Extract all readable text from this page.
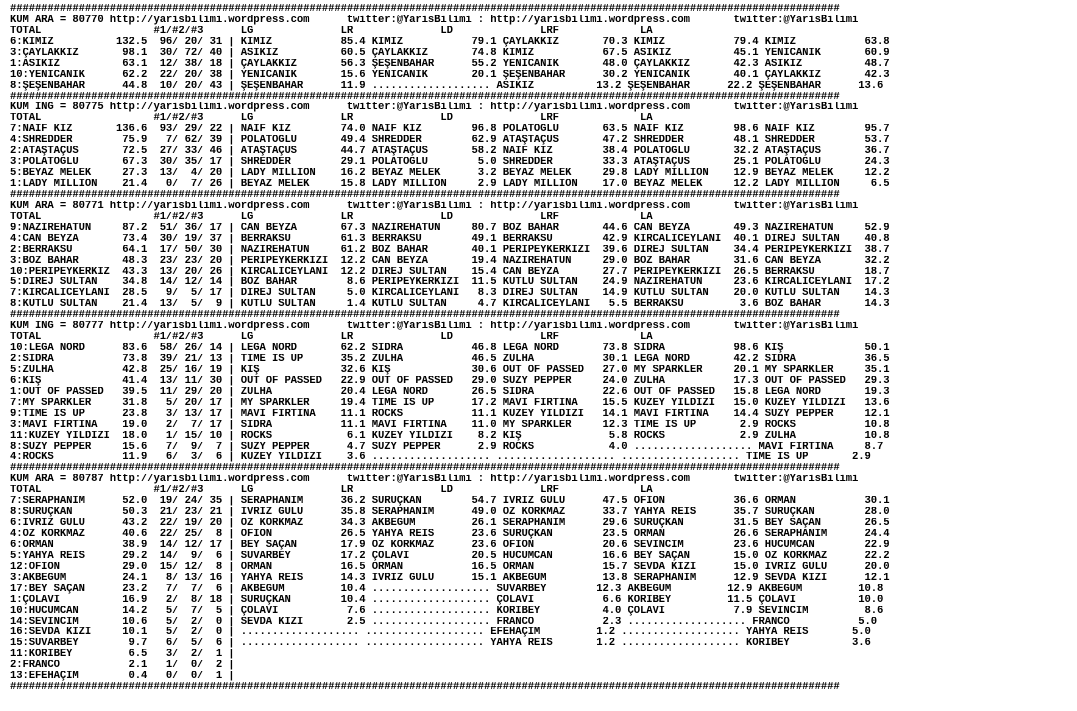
#####################################################################################################################################
KUM ARA = 80770 http://yarisbilimi.wordpress.com      twitter:@YarisBilimi : http://yarisbilimi.wordpress.com       twitter:@YarisBilimi
TOTAL                  #1/#2/#3      LG              LR              LD              LRF             LA
6:KIMIZ          132.5  96/ 20/ 31 | KIMIZ           85.4 KIMIZ           79.1 ÇAYLAKKIZ       70.3 KIMIZ           79.4 KIMIZ           63.8
3:ÇAYLAKKIZ       98.1  30/ 72/ 40 | ASİKIZ          60.5 ÇAYLAKKIZ       74.8 KIMIZ           67.5 ASİKIZ          45.1 YENİCANİK       60.9
1:ASİKIZ          63.1  12/ 38/ 18 | ÇAYLAKKIZ       56.3 ŞEŞENBAHAR      55.2 YENİCANİK       48.0 ÇAYLAKKIZ       42.3 ASİKIZ          48.7
10:YENİCANİK      62.2  22/ 20/ 38 | YENİCANİK       15.6 YENİCANİK       20.1 ŞEŞENBAHAR      30.2 YENİCANİK       40.1 ÇAYLAKKIZ       42.3
8:ŞEŞENBAHAR      44.8  10/ 20/ 43 | ŞEŞENBAHAR      11.9 ................... ASİKIZ          13.2 ŞEŞENBAHAR      22.2 ŞEŞENBAHAR      13.6
#####################################################################################################################################
KUM ING = 80775 http://yarisbilimi.wordpress.com      twitter:@YarisBilimi : http://yarisbilimi.wordpress.com       twitter:@YarisBilimi
TOTAL                  #1/#2/#3      LG              LR              LD              LRF             LA
7:NAİF KIZ       136.6  93/ 29/ 22 | NAİF KIZ        74.0 NAİF KIZ        96.8 POLATOĞLU       63.5 NAİF KIZ        98.6 NAİF KIZ        95.7
4:SHREDDER        75.9   7/ 62/ 39 | POLATOĞLU       49.4 SHREDDER        62.9 ATAŞTAÇUS       47.2 SHREDDER        48.1 SHREDDER        53.7
2:ATAŞTAÇUS       72.5  27/ 33/ 46 | ATAŞTAÇUS       44.7 ATAŞTAÇUS       58.2 NAİF KIZ        38.4 POLATOĞLU       32.2 ATAŞTAÇUS       36.7
3:POLATOĞLU       67.3  30/ 35/ 17 | SHREDDER        29.1 POLATOĞLU        5.0 SHREDDER        33.3 ATAŞTAÇUS       25.1 POLATOĞLU       24.3
5:BEYAZ MELEK     27.3  13/  4/ 20 | LADY MILLION    16.2 BEYAZ MELEK      3.2 BEYAZ MELEK     29.8 LADY MILLION    12.9 BEYAZ MELEK     12.2
1:LADY MILLION    21.4   0/  7/ 26 | BEYAZ MELEK     15.8 LADY MILLION     2.9 LADY MILLION    17.0 BEYAZ MELEK     12.2 LADY MILLION     6.5
#####################################################################################################################################
KUM ARA = 80771 http://yarisbilimi.wordpress.com      twitter:@YarisBilimi : http://yarisbilimi.wordpress.com       twitter:@YarisBilimi
TOTAL                  #1/#2/#3      LG              LR              LD              LRF             LA
9:NAZİREHATUN     87.2  51/ 36/ 17 | CAN BEYZA       67.3 NAZİREHATUN     80.7 BOZ BAHAR       44.6 CAN BEYZA       49.3 NAZİREHATUN     52.9
4:CAN BEYZA       73.4  30/ 19/ 37 | BERRAKSU        61.3 BERRAKSU        49.1 BERRAKSU        42.9 KIRCALİCEYLANİ  40.1 DİREJ SULTAN    40.8
2:BERRAKSU        64.1  17/ 50/ 30 | NAZİREHATUN     61.2 BOZ BAHAR       40.1 PERİPEYKERKIZI  39.6 DİREJ SULTAN    34.4 PERİPEYKERKIZI  38.7
3:BOZ BAHAR       48.3  23/ 23/ 20 | PERİPEYKERKIZI  12.2 CAN BEYZA       19.4 NAZİREHATUN     29.0 BOZ BAHAR       31.6 CAN BEYZA       32.2
10:PERİPEYKERKIZ  43.3  13/ 20/ 26 | KIRCALİCEYLANİ  12.2 DİREJ SULTAN    15.4 CAN BEYZA       27.7 PERİPEYKERKIZI  26.5 BERRAKSU        18.7
5:DİREJ SULTAN    34.8  14/ 12/ 14 | BOZ BAHAR        8.6 PERİPEYKERKIZI  11.5 KUTLU SULTAN    24.9 NAZİREHATUN     23.6 KIRCALİCEYLANİ  17.2
7:KIRCALİCEYLANİ  28.5   9/  5/ 17 | DİREJ SULTAN     5.0 KIRCALİCEYLANİ   8.3 DİREJ SULTAN    14.9 KUTLU SULTAN    20.0 KUTLU SULTAN    14.3
8:KUTLU SULTAN    21.4  13/  5/  9 | KUTLU SULTAN     1.4 KUTLU SULTAN     4.7 KIRCALİCEYLANİ   5.5 BERRAKSU         3.6 BOZ BAHAR       14.3
#####################################################################################################################################
KUM ING = 80777 http://yarisbilimi.wordpress.com      twitter:@YarisBilimi : http://yarisbilimi.wordpress.com       twitter:@YarisBilimi
TOTAL                  #1/#2/#3      LG              LR              LD              LRF             LA
10:LEGA NORD      83.6  58/ 26/ 14 | LEGA NORD       62.2 SİDRA           46.8 LEGA NORD       73.8 SİDRA           98.6 KIŞ             50.1
2:SİDRA           73.8  39/ 21/ 13 | TIME IS UP      35.2 ZÜLHA           46.5 ZÜLHA           30.1 LEGA NORD       42.2 SİDRA           36.5
5:ZÜLHA           42.8  25/ 16/ 19 | KIŞ             32.6 KIŞ             30.6 OUT OF PASSED   27.0 MY SPARKLER     20.1 MY SPARKLER     35.1
6:KIŞ             41.4  13/ 11/ 30 | OUT OF PASSED   22.9 OUT OF PASSED   29.0 SUZY PEPPER     24.0 ZÜLHA           17.3 OUT OF PASSED   29.3
1:OUT OF PASSED   39.5  11/ 29/ 20 | ZÜLHA           20.4 LEGA NORD       26.5 SİDRA           22.6 OUT OF PASSED   15.8 LEGA NORD       19.3
7:MY SPARKLER     31.8   5/ 20/ 17 | MY SPARKLER     19.4 TIME IS UP      17.2 MAVİ FIRTINA    15.5 KUZEY YILDIZI   15.0 KUZEY YILDIZI   13.6
9:TIME IS UP      23.8   3/ 13/ 17 | MAVİ FIRTINA    11.1 ROCKS           11.1 KUZEY YILDIZI   14.1 MAVİ FIRTINA    14.4 SUZY PEPPER     12.1
3:MAVİ FIRTINA    19.0   2/  7/ 17 | SİDRA           11.1 MAVİ FIRTINA    11.0 MY SPARKLER     12.3 TIME IS UP       2.9 ROCKS           10.8
11:KUZEY YILDIZI  18.0   1/ 15/ 10 | ROCKS            6.1 KUZEY YILDIZI    8.2 KIŞ              5.8 ROCKS            2.9 ZÜLHA           10.8
8:SUZY PEPPER     15.6   7/  9/  7 | SUZY PEPPER      4.7 SUZY PEPPER      2.9 ROCKS            4.0 ................... MAVİ FIRTINA     8.7
4:ROCKS           11.9   6/  3/  6 | KUZEY YILDIZI    3.6 ................... ................... ................... TIME IS UP       2.9
#####################################################################################################################################
KUM ARA = 80787 http://yarisbilimi.wordpress.com      twitter:@YarisBilimi : http://yarisbilimi.wordpress.com       twitter:@YarisBilimi
TOTAL                  #1/#2/#3      LG              LR              LD              LRF             LA
7:SERAPHANIM      52.0  19/ 24/ 35 | SERAPHANIM      36.2 SURUÇKAN        54.7 İVRİZ GÜLÜ      47.5 OFİON           36.6 ORMAN           30.1
8:SURUÇKAN        50.3  21/ 23/ 21 | İVRİZ GÜLÜ      35.8 SERAPHANIM      49.0 ÖZ KORKMAZ      33.7 YAHYA REİS      35.7 SURUÇKAN        28.0
6:İVRİZ GÜLÜ      43.2  22/ 19/ 20 | ÖZ KORKMAZ      34.3 AKBEGÜM         26.1 SERAPHANIM      29.6 SURUÇKAN        31.5 BEY SAÇAN       26.5
4:ÖZ KORKMAZ      40.6  22/ 25/  8 | OFİON           26.5 YAHYA REİS      23.6 SURUÇKAN        23.5 ORMAN           26.6 SERAPHANIM      24.4
6:ORMAN           38.9  14/ 12/ 17 | BEY SAÇAN       17.9 ÖZ KORKMAZ      23.6 OFİON           20.6 SEVİNCİM        23.6 HÜCUMCAN        22.9
5:YAHYA REİS      29.2  14/  9/  6 | SUVARBEY        17.2 ÇOLAVI          20.5 HÜCUMCAN        16.6 BEY SAÇAN       15.0 ÖZ KORKMAZ      22.2
12:OFİON          29.0  15/ 12/  8 | ORMAN           16.5 ORMAN           16.5 ORMAN           15.7 SEVDA KIZI      15.0 İVRİZ GÜLÜ      20.0
3:AKBEGÜM         24.1   8/ 13/ 16 | YAHYA REİS      14.3 İVRİZ GÜLÜ      15.1 AKBEGÜM         13.8 SERAPHANIM      12.9 SEVDA KIZI      12.1
17:BEY SAÇAN      23.2   7/  7/  6 | AKBEGÜM         10.4 ................... SUVARBEY        12.3 AKBEGÜM         12.9 AKBEGÜM         10.8
1:ÇOLAVI          16.9   2/  8/ 18 | SURUÇKAN        10.4 ................... ÇOLAVI           6.6 KORİBEY         11.5 ÇOLAVI          10.0
10:HÜCUMCAN       14.2   5/  7/  5 | ÇOLAVI           7.6 ................... KORİBEY          4.0 ÇOLAVI           7.9 SEVİNCİM         8.6
14:SEVİNCİM       10.6   5/  2/  0 | SEVDA KIZI       2.5 ................... FRANCO           2.3 ................... FRANCO           5.0
16:SEVDA KIZI     10.1   5/  2/  0 | ................... ................... EFEHAÇIM         1.2 ................... YAHYA REİS       5.0
15:SUVARBEY        9.7   6/  5/  6 | ................... ................... YAHYA REİS       1.2 ................... KORİBEY          3.6
11:KORİBEY         6.5   3/  2/  1 |
2:FRANCO           2.1   1/  0/  2 |
13:EFEHAÇIM        0.4   0/  0/  1 |
#####################################################################################################################################
